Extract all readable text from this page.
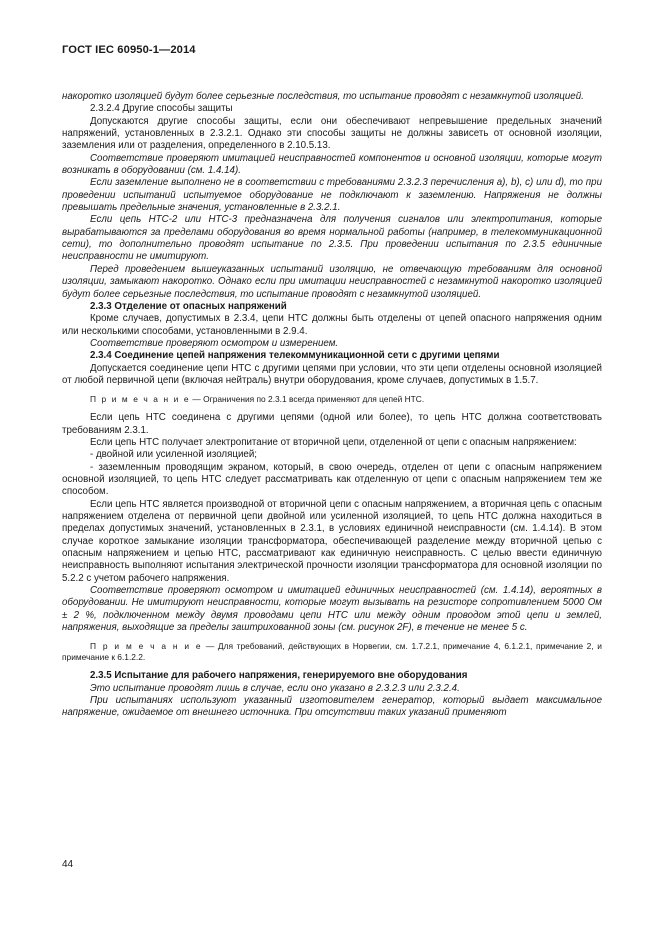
ГОСТ IEC 60950-1—2014

накоротко изоляцией будут более серьезные последствия, то испытание проводят с незамкнутой изоляцией.

2.3.2.4 Другие способы защиты

Допускаются другие способы защиты, если они обеспечивают непревышение предельных значений напряжений, установленных в 2.3.2.1. Однако эти способы защиты не должны зависеть от основной изоляции, заземления или от разделения, определенного в 2.10.5.13.

Соответствие проверяют имитацией неисправностей компонентов и основной изоляции, которые могут возникать в оборудовании (см. 1.4.14).

Если заземление выполнено не в соответствии с требованиями 2.3.2.3 перечисления a), b), c) или d), то при проведении испытаний испытуемое оборудование не подключают к заземлению. Напряжения не должны превышать предельные значения, установленные в 2.3.2.1.

Если цепь НТС-2 или НТС-3 предназначена для получения сигналов или электропитания, которые вырабатываются за пределами оборудования во время нормальной работы (например, в телекоммуникационной сети), то дополнительно проводят испытание по 2.3.5. При проведении испытания по 2.3.5 единичные неисправности не имитируют.

Перед проведением вышеуказанных испытаний изоляцию, не отвечающую требованиям для основной изоляции, замыкают накоротко. Однако если при имитации неисправностей с незамкнутой накоротко изоляцией будут более серьезные последствия, то испытание проводят с незамкнутой изоляцией.

2.3.3 Отделение от опасных напряжений

Кроме случаев, допустимых в 2.3.4, цепи НТС должны быть отделены от цепей опасного напряжения одним или несколькими способами, установленными в 2.9.4.

Соответствие проверяют осмотром и измерением.

2.3.4 Соединение цепей напряжения телекоммуникационной сети с другими цепями

Допускается соединение цепи НТС с другими цепями при условии, что эти цепи отделены основной изоляцией от любой первичной цепи (включая нейтраль) внутри оборудования, кроме случаев, допустимых в 1.5.7.

П р и м е ч а н и е — Ограничения по 2.3.1 всегда применяют для цепей НТС.

Если цепь НТС соединена с другими цепями (одной или более), то цепь НТС должна соответствовать требованиям 2.3.1.

Если цепь НТС получает электропитание от вторичной цепи, отделенной от цепи с опасным напряжением:

- двойной или усиленной изоляцией;

- заземленным проводящим экраном, который, в свою очередь, отделен от цепи с опасным напряжением основной изоляцией, то цепь НТС следует рассматривать как отделенную от цепи с опасным напряжением тем же способом.

Если цепь НТС является производной от вторичной цепи с опасным напряжением, а вторичная цепь с опасным напряжением отделена от первичной цепи двойной или усиленной изоляцией, то цепь НТС должна находиться в пределах допустимых значений, установленных в 2.3.1, в условиях единичной неисправности (см. 1.4.14). В этом случае короткое замыкание изоляции трансформатора, обеспечивающей разделение между вторичной цепью с опасным напряжением и цепью НТС, рассматривают как единичную неисправность. С целью ввести единичную неисправность выполняют испытания электрической прочности изоляции трансформатора для основной изоляции по 5.2.2 с учетом рабочего напряжения.

Соответствие проверяют осмотром и имитацией единичных неисправностей (см. 1.4.14), вероятных в оборудовании. Не имитируют неисправности, которые могут вызывать на резисторе сопротивлением 5000 Ом ± 2 %, подключенном между двумя проводами цепи НТС или между одним проводом этой цепи и землей, напряжения, выходящие за пределы заштрихованной зоны (см. рисунок 2F), в течение не менее 5 с.

П р и м е ч а н и е — Для требований, действующих в Норвегии, см. 1.7.2.1, примечание 4, 6.1.2.1, примечание 2, и примечание к 6.1.2.2.

2.3.5 Испытание для рабочего напряжения, генерируемого вне оборудования

Это испытание проводят лишь в случае, если оно указано в 2.3.2.3 или 2.3.2.4.

При испытаниях используют указанный изготовителем генератор, который выдает максимальное напряжение, ожидаемое от внешнего источника. При отсутствии таких указаний применяют

44
